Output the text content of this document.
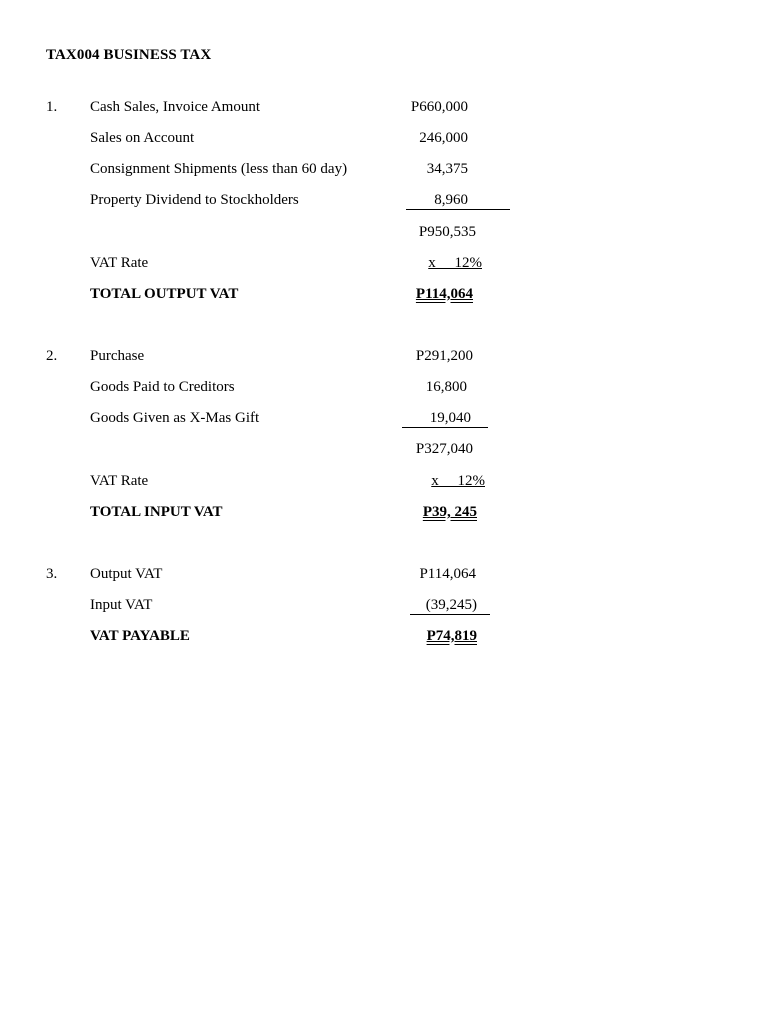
TAX004 BUSINESS TAX
1. Cash Sales, Invoice Amount	P660,000
Sales on Account	246,000
Consignment Shipments (less than 60 day)	34,375
Property Dividend to Stockholders	8,960
P950,535
VAT Rate	x     12%
TOTAL OUTPUT VAT	P114,064
2. Purchase	P291,200
Goods Paid to Creditors	16,800
Goods Given as X-Mas Gift	19,040
P327,040
VAT Rate	x     12%
TOTAL INPUT VAT	P39, 245
3. Output VAT	P114,064
Input VAT	(39,245)
VAT PAYABLE	P74,819
